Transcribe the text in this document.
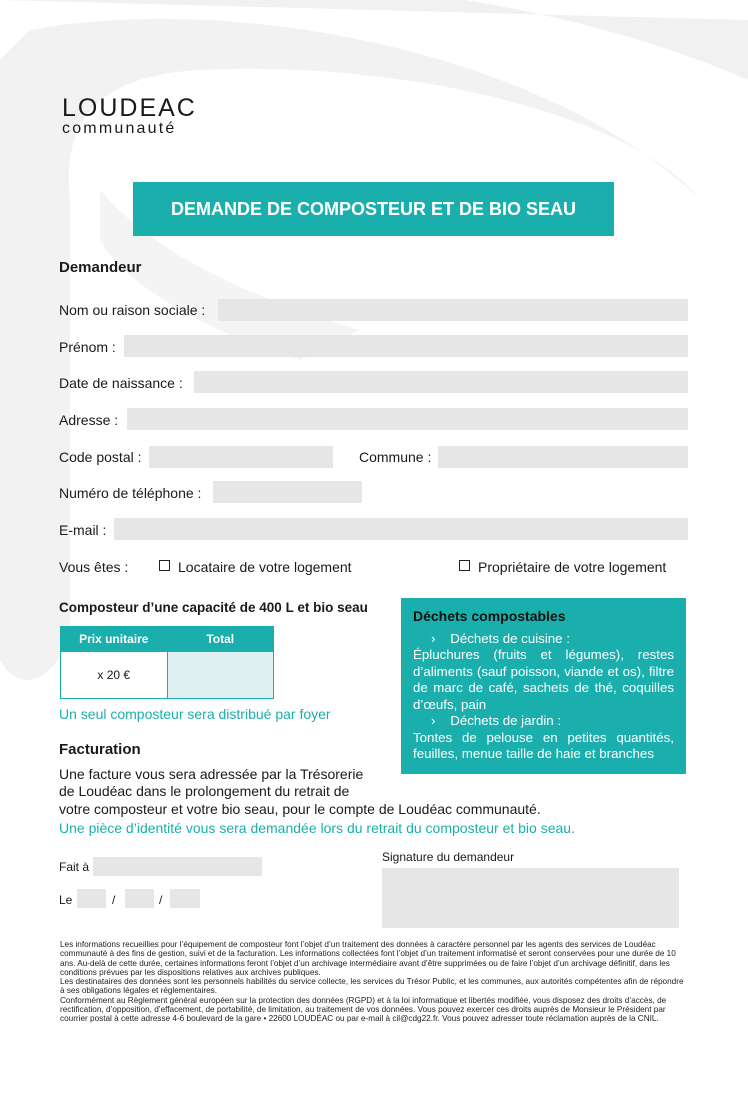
LOUDEAC
communauté
DEMANDE DE COMPOSTEUR ET DE BIO SEAU
Demandeur
Nom ou raison sociale :
Prénom :
Date de naissance :
Adresse :
Code postal :	Commune :
Numéro de téléphone :
E-mail :
Vous êtes :	Locataire de votre logement	Propriétaire de votre logement
Composteur d’une capacité de 400 L et bio seau
Prix unitaire	Total
x 20 €	
Un seul composteur sera distribué par foyer
Déchets compostables
› Déchets de cuisine :
Épluchures (fruits et légumes), restes d’aliments (sauf poisson, viande et os), filtre de marc de café, sachets de thé, coquilles d’œufs, pain
› Déchets de jardin :
Tontes de pelouse en petites quantités, feuilles, menue taille de haie et branches
Facturation
Une facture vous sera adressée par la Trésorerie
de Loudéac dans le prolongement du retrait de
votre composteur et votre bio seau, pour le compte de Loudéac communauté.
Une pièce d’identité vous sera demandée lors du retrait du composteur et bio seau.
Fait à
Le	/	/
Signature du demandeur

Les informations recueillies pour l’équipement de composteur font l’objet d’un traitement des données à caractère personnel par les agents des services de Loudéac communauté à des fins de gestion, suivi et de la facturation. Les informations collectées font l’objet d’un traitement informatisé et seront conservées pour une durée de 10 ans. Au-delà de cette durée, certaines informations feront l’objet d’un archivage intermédiaire avant d’être supprimées ou de faire l’objet d’un archivage définitif, dans les conditions prévues par les dispositions relatives aux archives publiques.

Les destinataires des données sont les personnels habilités du service collecte, les services du Trésor Public, et les communes, aux autorités compétentes afin de répondre à ses obligations légales et réglementaires.

Conformément au Règlement général européen sur la protection des données (RGPD) et à la loi informatique et libertés modifiée, vous disposez des droits d’accès, de rectification, d’opposition, d’effacement, de portabilité, de limitation, au traitement de vos données. Vous pouvez exercer ces droits auprès de Monsieur le Président par courrier postal à cette adresse 4-6 boulevard de la gare • 22600 LOUDÉAC ou par e-mail à cil@cdg22.fr. Vous pouvez adresser toute réclamation auprès de la CNIL.
